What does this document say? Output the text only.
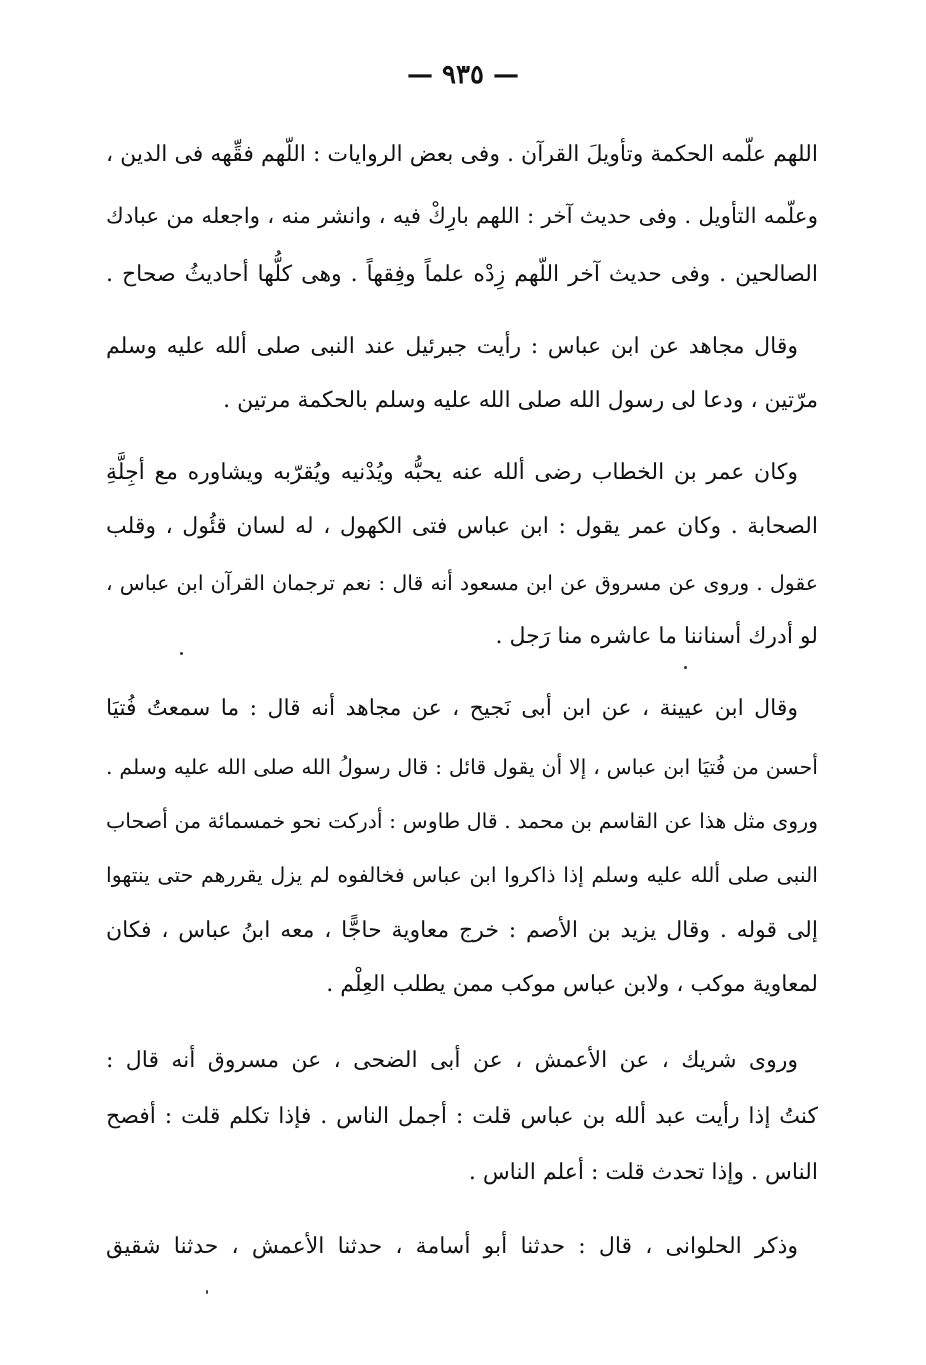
— ٩٣٥ —
اللهم علّمه الحكمة وتأويلَ القرآن . وفى بعض الروايات : اللّهم فقِّهه فى الدين ،
وعلّمه التأويل . وفى حديث آخر : اللهم بارِكْ فيه ، وانشر منه ، واجعله من عبادك
الصالحين . وفى حديث آخر اللّهم زِدْه علماً وفِقهاً . وهى كلُّها أحاديثُ صحاح .
وقال مجاهد عن ابن عباس : رأيت جبرئيل عند النبى صلى ألله عليه وسلم
مرّتين ، ودعا لى رسول الله صلى الله عليه وسلم بالحكمة مرتين .
وكان عمر بن الخطاب رضى ألله عنه يحبُّه ويُدْنيه ويُقرّبه ويشاوره مع أجِلَّةِ
الصحابة . وكان عمر يقول : ابن عباس فتى الكهول ، له لسان قئُول ، وقلب
عقول . وروى عن مسروق عن ابن مسعود أنه قال : نعم ترجمان القرآن ابن عباس ،
لو أدرك أسناننا ما عاشره منا رَجل .
وقال ابن عيينة ، عن ابن أبى نَجيح ، عن مجاهد أنه قال : ما سمعتُ فُتيَا
أحسن من فُتيَا ابن عباس ، إلا أن يقول قائل : قال رسولُ الله صلى الله عليه وسلم .
وروى مثل هذا عن القاسم بن محمد . قال طاوس : أدركت نحو خمسمائة من أصحاب
النبى صلى ألله عليه وسلم إذا ذاكروا ابن عباس فخالفوه لم يزل يقررهم حتى ينتهوا
إلى قوله . وقال يزيد بن الأصم : خرج معاوية حاجًّا ، معه ابنُ عباس ، فكان
لمعاوية موكب ، ولابن عباس موكب ممن يطلب العِلْم .
وروى شريك ، عن الأعمش ، عن أبى الضحى ، عن مسروق أنه قال :
كنتُ إذا رأيت عبد ألله بن عباس قلت : أجمل الناس . فإذا تكلم قلت : أفصح
الناس . وإذا تحدث قلت : أعلم الناس .
وذكر الحلوانى ، قال : حدثنا أبو أسامة ، حدثنا الأعمش ، حدثنا شقيق
